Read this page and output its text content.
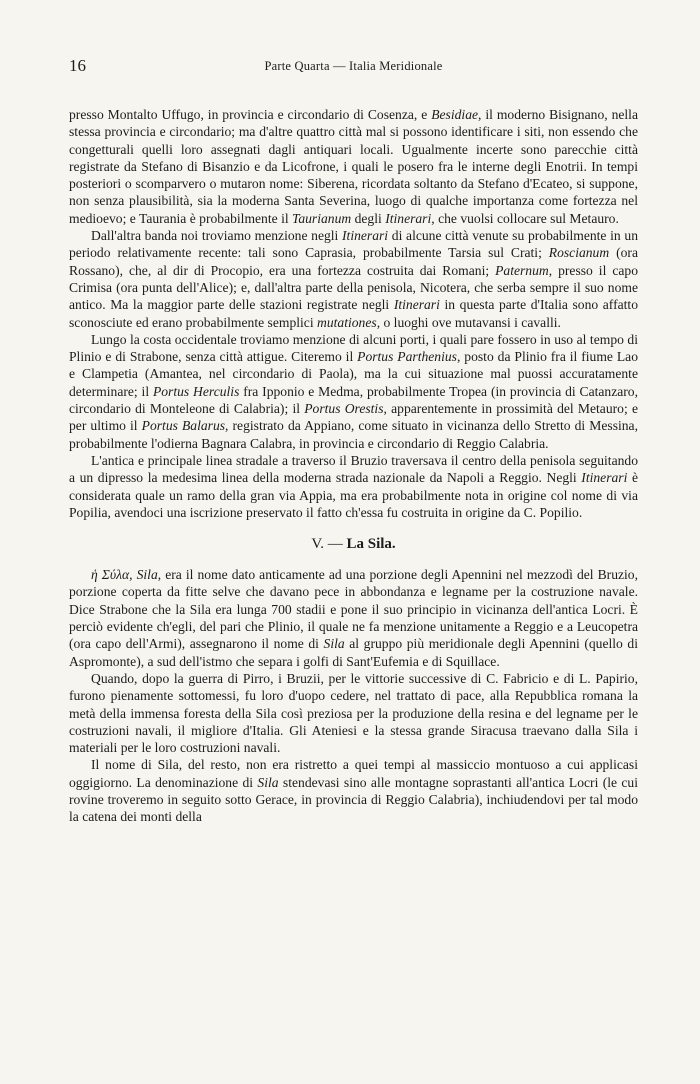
16	Parte Quarta — Italia Meridionale

presso Montalto Uffugo, in provincia e circondario di Cosenza, e Besidiae, il moderno Bisignano, nella stessa provincia e circondario; ma d'altre quattro città mal si possono identificare i siti, non essendo che congetturali quelli loro assegnati dagli antiquari locali. Ugualmente incerte sono parecchie città registrate da Stefano di Bisanzio e da Licofrone, i quali le posero fra le interne degli Enotrii. In tempi posteriori o scomparvero o mutaron nome: Siberena, ricordata soltanto da Stefano d'Ecateo, si suppone, non senza plausibilità, sia la moderna Santa Severina, luogo di qualche importanza come fortezza nel medioevo; e Taurania è probabilmente il Taurianum degli Itinerari, che vuolsi collocare sul Metauro.

Dall'altra banda noi troviamo menzione negli Itinerari di alcune città venute su probabilmente in un periodo relativamente recente: tali sono Caprasia, probabilmente Tarsia sul Crati; Roscianum (ora Rossano), che, al dir di Procopio, era una fortezza costruita dai Romani; Paternum, presso il capo Crimisa (ora punta dell'Alice); e, dall'altra parte della penisola, Nicotera, che serba sempre il suo nome antico. Ma la maggior parte delle stazioni registrate negli Itinerari in questa parte d'Italia sono affatto sconosciute ed erano probabilmente semplici mutationes, o luoghi ove mutavansi i cavalli.

Lungo la costa occidentale troviamo menzione di alcuni porti, i quali pare fossero in uso al tempo di Plinio e di Strabone, senza città attigue. Citeremo il Portus Parthenius, posto da Plinio fra il fiume Lao e Clampetia (Amantea, nel circondario di Paola), ma la cui situazione mal puossi accuratamente determinare; il Portus Herculis fra Ipponio e Medma, probabilmente Tropea (in provincia di Catanzaro, circondario di Monteleone di Calabria); il Portus Orestis, apparentemente in prossimità del Metauro; e per ultimo il Portus Balarus, registrato da Appiano, come situato in vicinanza dello Stretto di Messina, probabilmente l'odierna Bagnara Calabra, in provincia e circondario di Reggio Calabria.

L'antica e principale linea stradale a traverso il Bruzio traversava il centro della penisola seguitando a un dipresso la medesima linea della moderna strada nazionale da Napoli a Reggio. Negli Itinerari è considerata quale un ramo della gran via Appia, ma era probabilmente nota in origine col nome di via Popilia, avendoci una iscrizione preservato il fatto ch'essa fu costruita in origine da C. Popilio.

V. — La Sila.

ἡ Σύλα, Sila, era il nome dato anticamente ad una porzione degli Apennini nel mezzodì del Bruzio, porzione coperta da fitte selve che davano pece in abbondanza e legname per la costruzione navale. Dice Strabone che la Sila era lunga 700 stadii e pone il suo principio in vicinanza dell'antica Locri. È perciò evidente ch'egli, del pari che Plinio, il quale ne fa menzione unitamente a Reggio e a Leucopetra (ora capo dell'Armi), assegnarono il nome di Sila al gruppo più meridionale degli Apennini (quello di Aspromonte), a sud dell'istmo che separa i golfi di Sant'Eufemia e di Squillace.

Quando, dopo la guerra di Pirro, i Bruzii, per le vittorie successive di C. Fabricio e di L. Papirio, furono pienamente sottomessi, fu loro d'uopo cedere, nel trattato di pace, alla Repubblica romana la metà della immensa foresta della Sila così preziosa per la produzione della resina e del legname per le costruzioni navali, il migliore d'Italia. Gli Ateniesi e la stessa grande Siracusa traevano dalla Sila i materiali per le loro costruzioni navali.

Il nome di Sila, del resto, non era ristretto a quei tempi al massiccio montuoso a cui applicasi oggigiorno. La denominazione di Sila stendevasi sino alle montagne soprastanti all'antica Locri (le cui rovine troveremo in seguito sotto Gerace, in provincia di Reggio Calabria), inchiudendovi per tal modo la catena dei monti della
